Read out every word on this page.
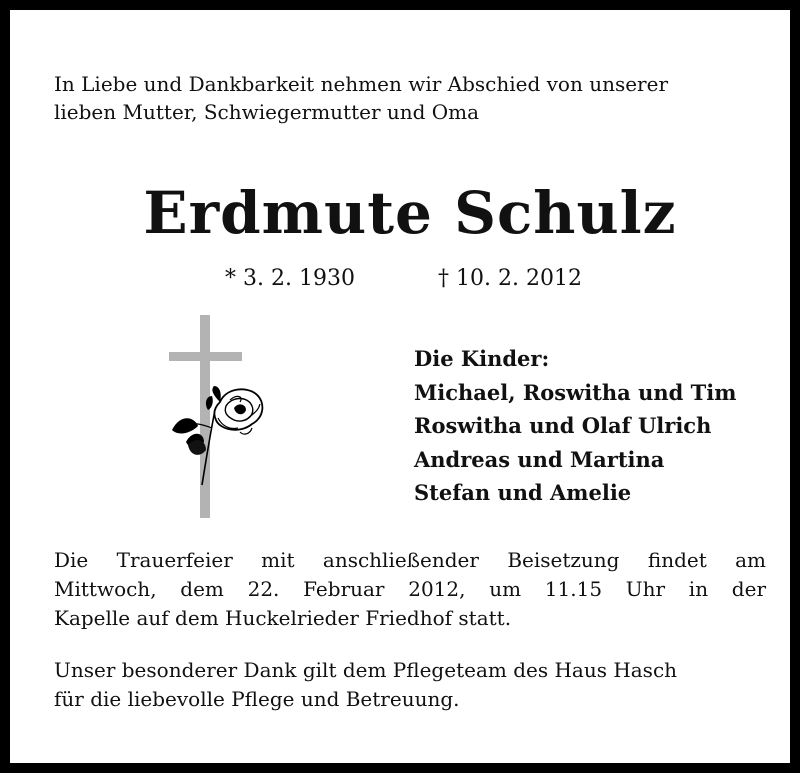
In Liebe und Dankbarkeit nehmen wir Abschied von unserer
lieben Mutter, Schwiegermutter und Oma

Erdmute Schulz
* 3. 2. 1930	† 10. 2. 2012
Die Kinder:
Michael, Roswitha und Tim
Roswitha und Olaf Ulrich
Andreas und Martina
Stefan und Amelie
Die Trauerfeier mit anschließender Beisetzung findet am
Mittwoch, dem 22. Februar 2012, um 11.15 Uhr in der
Kapelle auf dem Huckelrieder Friedhof statt.

Unser besonderer Dank gilt dem Pflegeteam des Haus Hasch
für die liebevolle Pflege und Betreuung.
